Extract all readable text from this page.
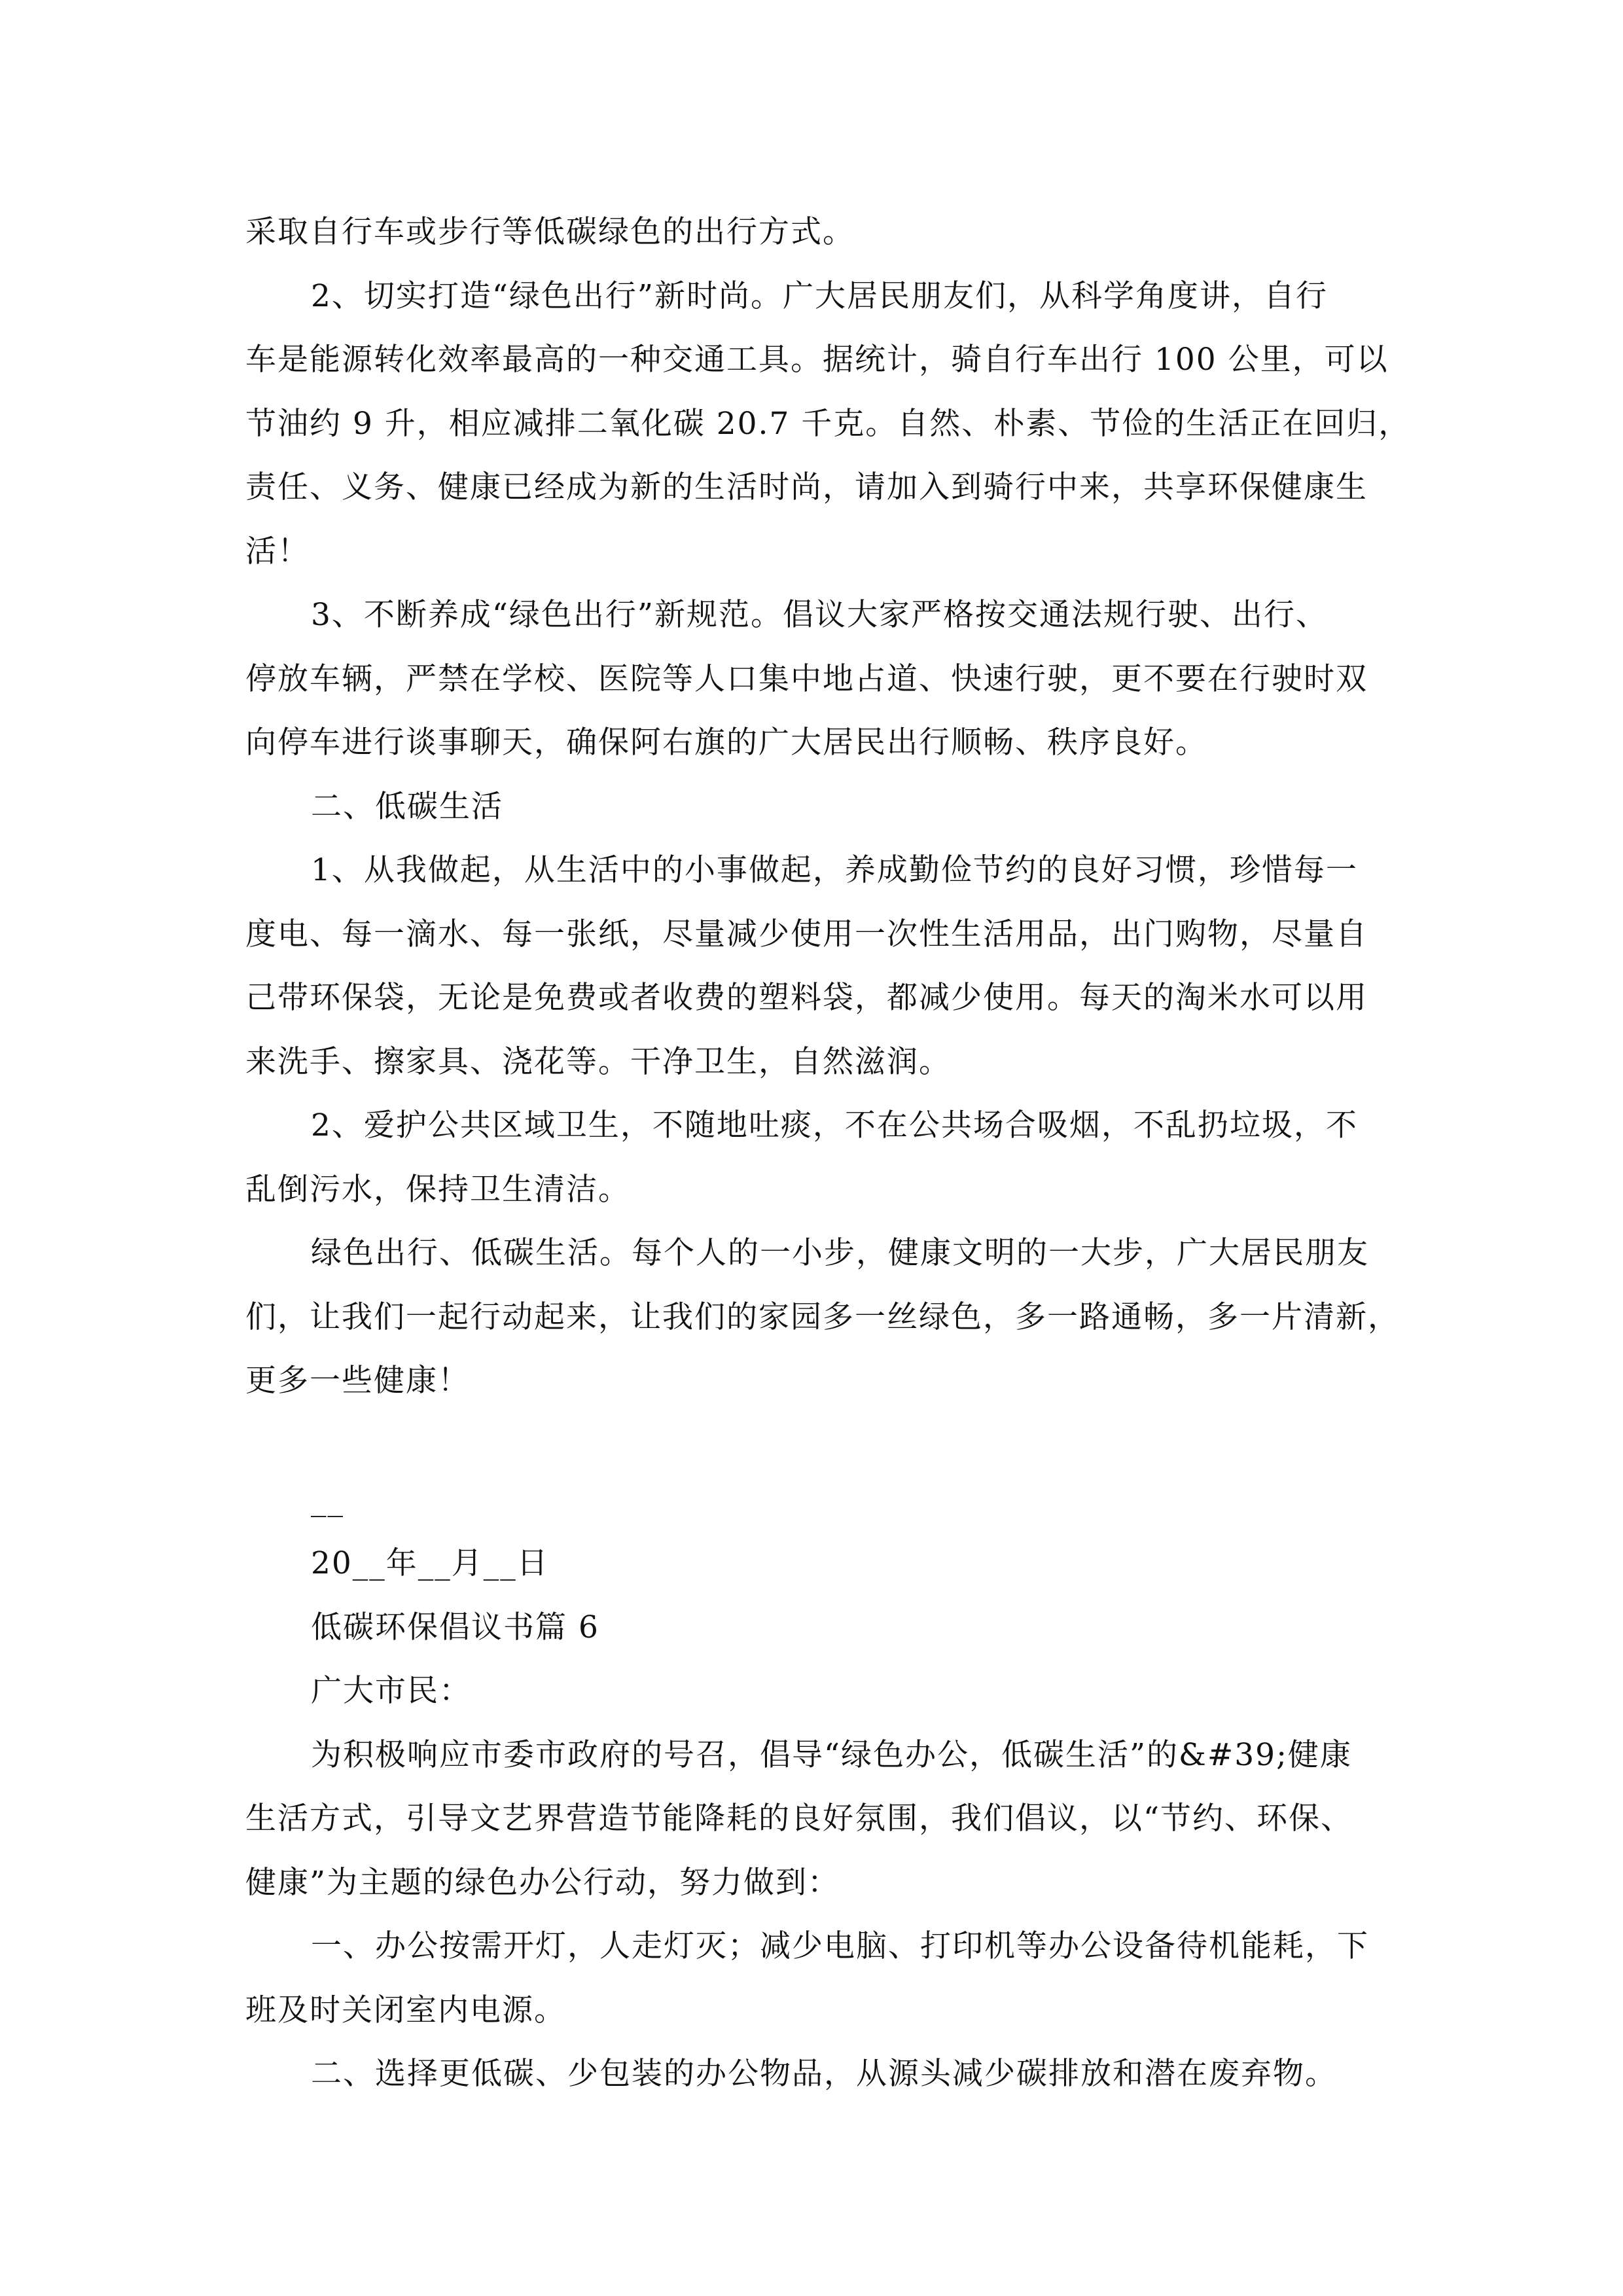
采取自行车或步行等低碳绿色的出行方式。
2、切实打造“绿色出行”新时尚。广大居民朋友们，从科学角度讲，自行
车是能源转化效率最高的一种交通工具。据统计，骑自行车出行 100 公里，可以
节油约 9 升，相应减排二氧化碳 20.7 千克。自然、朴素、节俭的生活正在回归，
责任、义务、健康已经成为新的生活时尚，请加入到骑行中来，共享环保健康生
活！
3、不断养成“绿色出行”新规范。倡议大家严格按交通法规行驶、出行、
停放车辆，严禁在学校、医院等人口集中地占道、快速行驶，更不要在行驶时双
向停车进行谈事聊天，确保阿右旗的广大居民出行顺畅、秩序良好。
二、低碳生活
1、从我做起，从生活中的小事做起，养成勤俭节约的良好习惯，珍惜每一
度电、每一滴水、每一张纸，尽量减少使用一次性生活用品，出门购物，尽量自
己带环保袋，无论是免费或者收费的塑料袋，都减少使用。每天的淘米水可以用
来洗手、擦家具、浇花等。干净卫生，自然滋润。
2、爱护公共区域卫生，不随地吐痰，不在公共场合吸烟，不乱扔垃圾，不
乱倒污水，保持卫生清洁。
绿色出行、低碳生活。每个人的一小步，健康文明的一大步，广大居民朋友
们，让我们一起行动起来，让我们的家园多一丝绿色，多一路通畅，多一片清新，
更多一些健康！
__
20__年__月__日
低碳环保倡议书篇 6
广大市民：
为积极响应市委市政府的号召，倡导“绿色办公，低碳生活”的&#39;健康
生活方式，引导文艺界营造节能降耗的良好氛围，我们倡议，以“节约、环保、
健康”为主题的绿色办公行动，努力做到：
一、办公按需开灯，人走灯灭；减少电脑、打印机等办公设备待机能耗，下
班及时关闭室内电源。
二、选择更低碳、少包装的办公物品，从源头减少碳排放和潜在废弃物。
